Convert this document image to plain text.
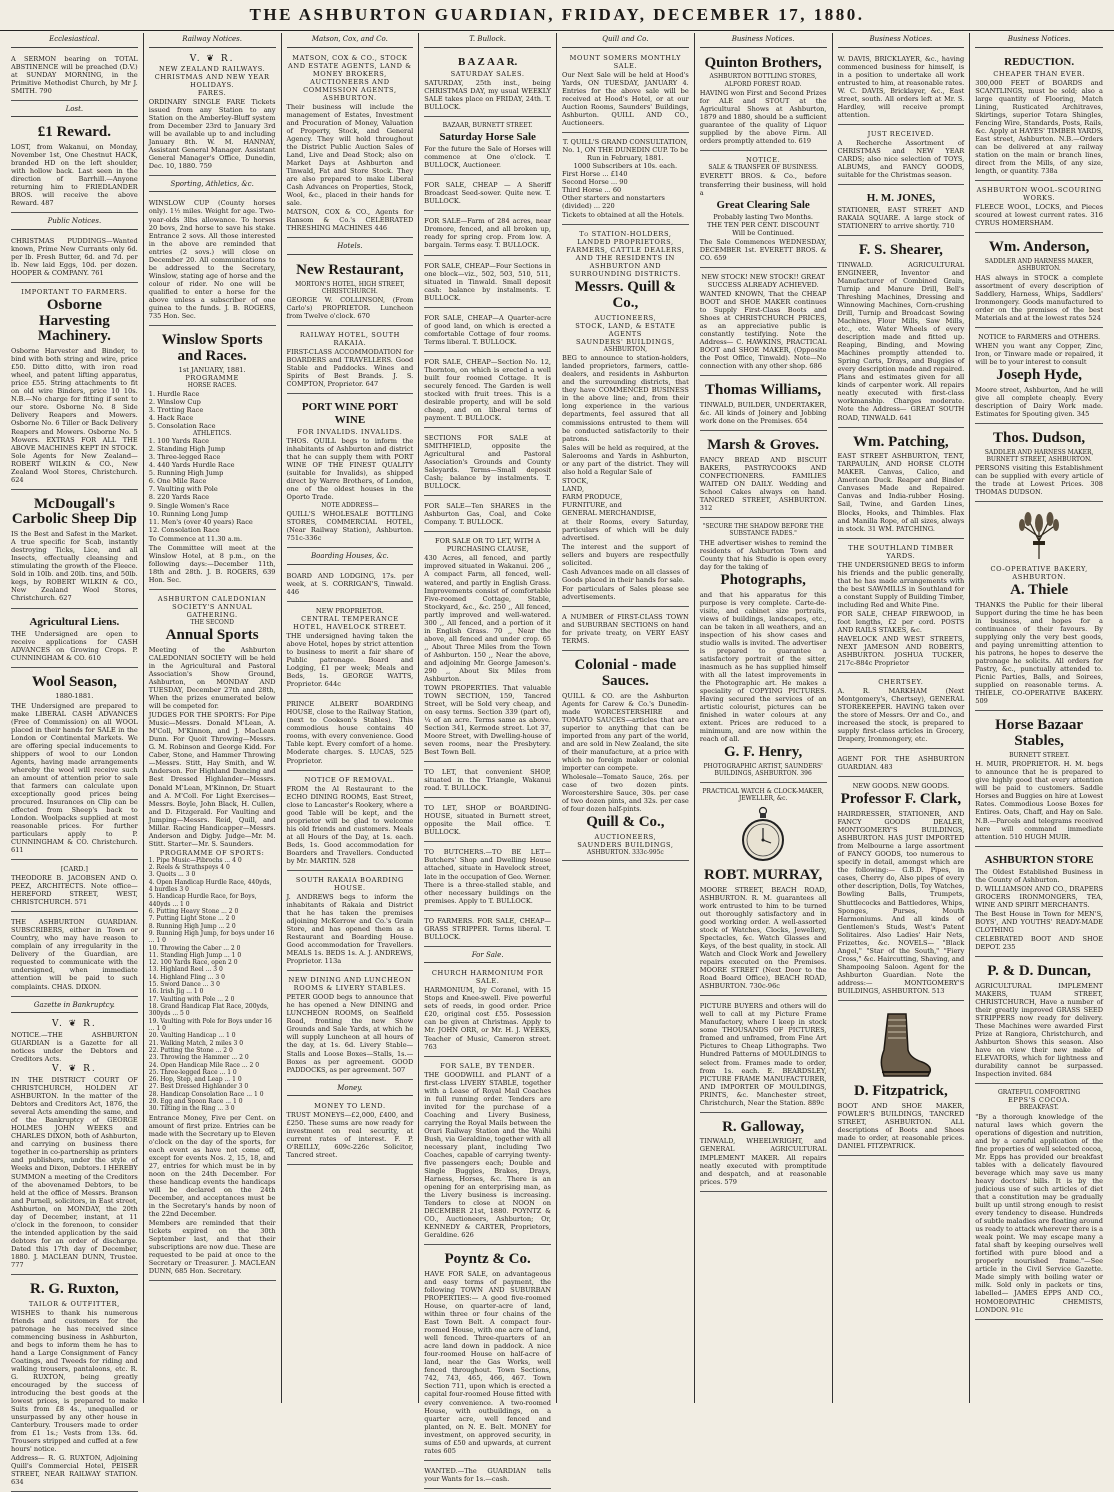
THE ASHBURTON GUARDIAN, FRIDAY, DECEMBER 17, 1880.
Ecclesiastical.

A SERMON bearing on TOTAL ABSTINENCE will be preached (D.V.) at SUNDAY MORNING, in the Primitive Methodist Church, by Mr J. SMITH. 790

Lost.
£1 Reward.

LOST, from Wakanui, on Monday, November 1st, One Chestnut HACK, branded HD on the left shoulder, with hollow back. Last seen in the direction of Barrhill.—Anyone returning him to FRIEDLANDER BROS. will receive the above Reward. 487

Public Notices.

CHRISTMAS PUDDINGS—Wanted known, Prime New Currants only 6d. per lb. Fresh Butter, 6d. and 7d. per lb. New laid Eggs, 10d. per dozen. HOOPER & COMPANY. 761

IMPORTANT TO FARMERS.
Osborne Harvesting Machinery.

Osborne Harvester and Binder, to bind with both string and wire, price £50. Ditto ditto, with iron road wheel, and patent lifting apparatus, price £55. String attachments to fit on old wire Binders, price 10 10s. N.B.—No charge for fitting if sent to our store. Osborne No. 8 Side Delivery Reapers and Mowers. Osborne No. 6 Tiller or Back Delivery Reapers and Mowers. Osborne No. 5 Mowers. EXTRAS FOR ALL THE ABOVE MACHINES KEPT IN STOCK. Sole Agents for New Zealand— ROBERT WILKIN & CO., New Zealand Wool Stores, Christchurch. 624

McDougall's Carbolic Sheep Dip

IS the Best and Safest in the Market. A true specific for Scab, instantly destroying Ticks, Lice, and all Insects, effectually cleansing and stimulating the growth of the Fleece. Sold in 10lb. and 20lb. tins, and 50lb. kegs, by ROBERT WILKIN & CO., New Zealand Wool Stores, Christchurch. 627

Agricultural Liens.

THE Undersigned are open to receive applications for CASH ADVANCES on Growing Crops. P. CUNNINGHAM & CO. 610

Wool Season,
1880-1881.

THE Undersigned are prepared to make LIBERAL CASH ADVANCES (Free of Commission) on all WOOL placed in their hands for SALE in the London or Continental Markets. We are offering special inducements to shippers of wool to our London Agents, having made arrangements whereby the wool will receive such an amount of attention prior to sale that farmers can calculate upon exceptionally good prices being procured. Insurances on Clip can be effected from Sheep's back to London. Woolpacks supplied at most reasonable prices. For further particulars apply to P. CUNNINGHAM & CO. Christchurch. 611

[CARD.]

THEODORE B. JACOBSEN AND O. PEEZ, ARCHITECTS. Note office— HEREFORD STREET, WEST, CHRISTCHURCH. 571

THE ASHBURTON GUARDIAN. SUBSCRIBERS, either in Town or Country, who may have reason to complain of any irregularity in the Delivery of the Guardian, are requested to communicate with the undersigned, when immediate attention will be paid to such complaints. CHAS. DIXON.

Gazette in Bankruptcy.
V. ❦ R.

NOTICE.—THE ASHBURTON GUARDIAN is a Gazette for all notices under the Debtors and Creditors Acts.

V. ❦ R.

IN THE DISTRICT COURT OF CHRISTCHURCH, HOLDEN AT ASHBURTON. In the matter of the Debtors and Creditors Act, 1876, the several Acts amending the same, and of the Bankruptcy of GEORGE HOLMES JOHN WEEKS and CHARLES DIXON, both of Ashburton, and carrying on business there together in co-partnership as printers and publishers, under the style of Weeks and Dixon, Debtors. I HEREBY SUMMON a meeting of the Creditors of the abovenamed Debtors, to be held at the office of Messrs. Branson and Purnell, solicitors, in East street, Ashburton, on MONDAY, the 20th day of December, instant, at 11 o'clock in the forenoon, to consider the intended application by the said debtors for an order of discharge. Dated this 17th day of December, 1880. J. MACLEAN DUNN, Trustee. 777

R. G. Ruxton,
TAILOR & OUTFITTER,

WISHES to thank his numerous friends and customers for the patronage he has received since commencing business in Ashburton, and begs to inform them he has to hand a Large Consignment of Fancy Coatings, and Tweeds for riding and walking trousers, pantaloons, etc. R. G. RUXTON, being greatly encouraged by the success of introducing the best goods at the lowest prices, is prepared to make Suits from £8 4s., unequalled or unsurpassed by any other house in Canterbury. Trousers made to order from £1 1s.; Vests from 13s. 6d. Trousers stripped and cuffed at a few hours' notice.

Address— R. G. RUXTON, Adjoining Quill's Commercial Hotel, PEISER STREET, NEAR RAILWAY STATION. 634

Railway Notices.
V. ❦ R.
NEW ZEALAND RAILWAYS.
CHRISTMAS AND NEW YEAR HOLIDAYS.
FARES.

ORDINARY SINGLE FARE Tickets issued from any Station to any Station on the Amberley-Bluff system from December 23rd to January 3rd will be available up to and including January 8th. W. M. HANNAY, Assistant General Manager. Assistant General Manager's Office, Dunedin, Dec. 10, 1880. 759

Sporting, Athletics, &c.

WINSLOW CUP (County horses only). 1½ miles. Weight for age. Two-year-olds 3lbs allowance. To horses 20 bovs, 2nd horse to save his stake. Entrance 2 sovs. All those interested in the above are reminded that entries (2 sovs.) will close on December 20. All communications to be addressed to the Secretary, Winslow, stating age of horse and the colour of rider. No one will be qualified to enter a horse for the above unless a subscriber of one guinea to the funds. J. B. ROGERS, 735 Hon. Sec.

Winslow Sports and Races.
1st JANUARY, 1881.
PROGRAMME
HORSE RACES.
1. Hurdle Race
2. Winslow Cup
3. Trotting Race
4. Hack Race
5. Consolation Race
ATHLETICS.
1. 100 Yards Race
2. Standing High Jump
3. Three-legged Race
4. 440 Yards Hurdle Race
5. Running High Jump
6. One Mile Race
7. Vaulting with Pole
8. 220 Yards Race
9. Single Women's Race
10. Running Long Jump
11. Men's (over 40 years) Race
12. Consolation Race

To Commence at 11.30 a.m.

The Committee will meet at the Winslow Hotel, at 8 p.m., on the following days:—December 11th, 18th and 28th. J. B. ROGERS, 639 Hon. Sec.

ASHBURTON CALEDONIAN SOCIETY'S ANNUAL GATHERING.
THE SECOND
Annual Sports

Meeting of the Ashburton CALEDONIAN SOCIETY will be held in the Agricultural and Pastoral Association's Show Ground, Ashburton, on MONDAY AND TUESDAY, December 27th and 28th, When the prizes enumerated below will be competed for.

JUDGES FOR THE SPORTS: For Pipe Music—Messrs. Donald M'Lean, A. M'Coll, M'Kinnon, and J. MacLean Dunn. For Quoit Throwing—Messrs. G. M. Robinson and George Kidd. For Caber, Stone, and Hammer Throwing—Messrs. Stitt, Hay Smith, and W. Anderson. For Highland Dancing and Best Dressed Highlander—Messrs. Donald M'Lean, M'Kinnon, Dr. Stuart and A. M'Coll. For Light Exercises—Messrs. Boyle, John Black, H. Cullen, and D. Fitzgerald. For Vaulting and Jumping—Messrs. Reid, Quill, and Millar. Racing Handicapper—Messrs. Anderson and Digby. Judge—Mr. M. Stitt. Starter—Mr. S. Saunders.

PROGRAMME OF SPORTS:
1. Pipe Music—Pibrochs ... 4 0
2. Reels & Strathspeys 4 0
3. Quoits ... 3 0
4. Open Handicap Hurdle Race, 440yds, 4 hurdles 3 0
5. Handicap Hurdle Race, for Boys, 440yds ... 1 0
6. Putting Heavy Stone ... 2 0
7. Putting Light Stone ... 2 0
8. Running High Jump ... 2 0
9. Running High Jump, for boys under 16 ... 1 0
10. Throwing the Caber ... 2 0
11. Standing High Jump ... 1 0
12. 100 Yards Race, open 2 0
13. Highland Reel ... 3 0
14. Highland Fling ... 3 0
15. Sword Dance ... 3 0
16. Irish Jig ... 1 0
17. Vaulting with Pole ... 2 0
18. Grand Handicap Flat Race, 200yds, 300yds ... 5 0
19. Vaulting with Pole for Boys under 16 ... 1 0
20. Vaulting Handicap ... 1 0
21. Walking Match, 2 miles 3 0
22. Putting the Stone ... 2 0
23. Throwing the Hammer ... 2 0
24. Open Handicap Mile Race ... 2 0
25. Three-legged Race ... 1 0
26. Hop, Step, and Leap ... 1 0
27. Best Dressed Highlander 3 0
28. Handicap Consolation Race ... 1 0
29. Egg and Spoon Race ... 1 0
30. Tilting in the Ring ... 3 0

Entrance Money, Five per Cent. on amount of first prize. Entries can be made with the Secretary up to Eleven o'clock on the day of the sports, for each event as have not come off, except for events Nos. 2, 15, 18, and 27, entries for which must be in by noon on the 24th December. For these handicap events the handicaps will be declared on the 24th December, and acceptances must be in the Secretary's hands by noon of the 22nd December.

Members are reminded that their tickets expired on the 30th September last, and that their subscriptions are now due. These are requested to be paid at once to the Secretary or Treasurer. J. MACLEAN DUNN, 685 Hon. Secretary.

Matson, Cox, and Co.
MATSON, COX & CO., STOCK AND ESTATE AGENTS, LAND & MONEY BROKERS, AUCTIONEERS AND COMMISSION AGENTS, ASHBURTON.

Their business will include the management of Estates, Investment and Procuration of Money, Valuation of Property, Stock, and General Agency. They will hold throughout the District Public Auction Sales of Land, Live and Dead Stock; also on Market Days at Ashburton and Tinwald, Fat and Store Stock. They are also prepared to make Liberal Cash Advances on Properties, Stock, Wool, &c., placed in their hands for sale.

MATSON, COX & CO., Agents for Ransom & Co.'s CELEBRATED THRESHING MACHINES 446

Hotels.
New Restaurant,
MORTON'S HOTEL, HIGH STREET, CHRISTCHURCH.

GEORGE W. COLLINSON, (From Carlo's) PROPRIETOR. Luncheon from Twelve o'clock. 670

RAILWAY HOTEL, SOUTH RAKAIA.

FIRST-CLASS ACCOMMODATION for BOARDERS and TRAVELLERS. Good Stable and Paddocks. Wines and Spirits of Best Brands. J. S. COMPTON, Proprietor. 647

PORT WINE PORT WINE
FOR INVALIDS. INVALIDS.

THOS. QUILL begs to inform the inhabitants of Ashburton and district that he can supply them with PORT WINE OF THE FINEST QUALITY (suitable for Invalids), as shipped direct by Warre Brothers, of London, one of the oldest houses in the Oporto Trade.

NOTE ADDRESS—

QUILL'S WHOLESALE BOTTLING STORES, COMMERCIAL HOTEL, (Near Railway Station), Ashburton. 751c-336c

Boarding Houses, &c.

BOARD AND LODGING, 17s. per week, at S. CORRIGAN'S, Tinwald. 446

NEW PROPRIETOR.
CENTRAL TEMPERANCE HOTEL, HAVELOCK STREET.

THE undersigned having taken the above Hotel, hopes by strict attention to business to merit a fair share of Public patronage. Board and Lodging, £1 per week; Meals and Beds, 1s. GEORGE WATTS, Proprietor. 644c

PRINCE ALBERT BOARDING HOUSE, close to the Railway Station, (next to Cookson's Stables). This commodious house contains 40 rooms, with every convenience. Good Table kept. Every comfort of a home. Moderate charges. S. LUCAS, 525 Proprietor.

NOTICE OF REMOVAL.

FROM the Al Restaurant to the ECHO DINING ROOMS, East Street, close to Lancaster's Rookery, where a good Table will be kept, and the proprietor will be glad to welcome his old friends and customers. Meals at all Hours of the Day, at 1s. each. Beds, 1s. Good accommodation for Boarders and Travellers. Conducted by Mr. MARTIN. 528

SOUTH RAKAIA BOARDING HOUSE.

J. ANDREWS begs to inform the inhabitants of Rakaia and District that he has taken the premises adjoining McKerrow and Co.'s Grain Store, and has opened them as a Restaurant and Boarding House. Good accommodation for Travellers. MEALS 1s. BEDS 1s. A. J. ANDREWS, Proprietor. 113a

NEW DINING AND LUNCHEON ROOMS & LIVERY STABLES.

PETER GOOD begs to announce that he has opened a New DINING and LUNCHEON ROOMS, on Sealfield Road, fronting the new Show Grounds and Sale Yards, at which he will supply Luncheon at all hours of the day, at 1s. 6d. Livery Stable—Stalls and Loose Boxes—Stalls, 1s.—Boxes as per agreement. GOOD PADDOCKS, as per agreement. 507

Money.
MONEY TO LEND.

TRUST MONEYS—£2,000, £400, and £250. These sums are now ready for investment on real security, at current rates of interest. F. P. O'REILLY, 609c-226c Solicitor, Tancred street.

T. Bullock.
B A Z A A R.
SATURDAY SALES.

SATURDAY, 25th inst., being CHRISTMAS DAY, my usual WEEKLY SALE takes place on FRIDAY, 24th. T. BULLOCK.

BAZAAR, BURNETT STREET.
Saturday Horse Sale

For the future the Sale of Horses will commence at One o'clock. T. BULLOCK, Auctioneer.

FOR SALE, CHEAP — A Sheriff Broadcast Seed-sower. Quite new. T. BULLOCK.

FOR SALE—Farm of 284 acres, near Dromore, fenced, and all broken up, ready for spring crop. From low. A bargain. Terms easy. T. BULLOCK.

FOR SALE, CHEAP—Four Sections in one block—viz., 502, 503, 510, 511, situated in Tinwald. Small deposit cash: balance by instalments. T. BULLOCK.

FOR SALE, CHEAP—A Quarter-acre of good land, on which is erected a comfortable Cottage of four rooms. Terms liberal. T. BULLOCK.

FOR SALE, CHEAP—Section No. 12, Thornton, on which is erected a well built four roomed Cottage. It is securely fenced. The Garden is well stocked with fruit trees. This is a desirable property, and will be sold cheap, and on liberal terms of payment. T. BULLOCK.

SECTIONS FOR SALE at SMITHFIELD, opposite the Agricultural and Pastoral Association's Grounds and County Saleyards. Terms—Small deposit Cash; balance by instalments. T. BULLOCK.

FOR SALE—Ten SHARES in the Ashburton Gas, Coal, and Coke Company. T. BULLOCK.

FOR SALE OR TO LET, WITH A PURCHASING CLAUSE,

430 Acres, all fenced, and partly improved situated in Wakanui. 206 ,, A compact Farm, all fenced, well-watered, and partly in English Grass. Improvements consist of comfortable Five-roomed Cottage, Stable, Stockyard, &c., &c. 250 ,, All fenced, partly improved and well-watered. 300 ,, All fenced, and a portion of it in English Grass. 70 ,, Near the above, all fenced and under crop. 65 ,, About Three Miles from the Town of Ashburton. 150 ,, Near the above, and adjoining Mr. George Jameson's. 290 ,, About Six Miles from Ashburton.

TOWN PROPERTIES. That valuable TOWN SECTION, 159, Tancred Street, will be Sold very cheap, and on easy terms. Section 339 (part of), ¼ of an acre. Terms same as above. Section 341, Kermode street. Lot 37, Moore Street, with Dwelling-house of seven rooms, near the Presbytery. Best Town Bell.

TO LET, that convenient SHOP, situated in the Triangle, Wakanui road. T. BULLOCK.

TO LET, SHOP or BOARDING-HOUSE, situated in Burnett street, opposite the Mail office. T. BULLOCK.

TO BUTCHERS.—TO BE LET—Butchers' Shop and Dwelling House attached, situate in Havelock street, late in the occupation of Geo. Werner. There is a three-stalled stable, and other necessary buildings on the premises. Apply to T. BULLOCK.

TO FARMERS. FOR SALE, CHEAP—GRASS STRIPPER. Terms liberal. T. BULLOCK.

For Sale.
CHURCH HARMONIUM FOR SALE.

HARMONIUM, by Coranel, with 15 Stops and Knee-swell. Five powerful sets of reeds, in good order. Price £20, original cost £55. Possession can be given at Christmas. Apply to Mr. JOHN ORR, or Mr. H. J. WEEKS, Teacher of Music, Cameron street. 763

FOR SALE, BY TENDER.

THE GOODWILL and PLANT of a first-class LIVERY STABLE, together with a Lease of Royal Mail Coaches in full running order. Tenders are invited for the purchase of a Coaching and Livery Business, carrying the Royal Mails between the Orari Railway Station and the Waihi Bush, via Geraldine, together with all necessary plant, including Two Coaches, capable of carrying twenty-five passengers each; Double and Single Buggies, Brakes, Drays, Harness, Horses, &c. There is an opening for an enterprising man, as the Livery business is increasing. Tenders to close at NOON on DECEMBER 21st, 1880. POYNTZ & CO., Auctioneers, Ashburton; Or, KENNEDY & CARTER, Proprietors, Geraldine. 626

Poyntz & Co.

HAVE FOR SALE, on advantageous and easy terms of payment, the following TOWN AND SUBURBAN PROPERTIES:— A good five-roomed House, on quarter-acre of land, within three or four chains of the East Town Belt. A compact four-roomed House, with one acre of land, well fenced. Three-quarters of an acre land down in paddock. A nice four-roomed House on half-acre of land, near the Gas Works, well fenced throughout. Town Sections, 742, 743, 465, 466, 467. Town Section 711, upon which is erected a capital four-roomed House fitted with every convenience. A two-roomed House, with outbuildings, on a quarter acre, well fenced and planted, on N. E. Belt. MONEY for investment, on approved security, in sums of £50 and upwards, at current rates 605

WANTED.—The GUARDIAN tells your Wants for 1s.—cash.

Quill and Co.
MOUNT SOMERS MONTHLY SALE.

Our Next Sale will be held at Hood's Yards, ON TUESDAY, JANUARY 4. Entries for the above sale will be received at Hood's Hotel, or at our Auction Rooms, Saunders' Buildings, Ashburton. QUILL AND CO., Auctioneers.

T. QUILL'S GRAND CONSULTATION, No. 1, ON THE DUNEDIN CUP. To be Run in February, 1881.
1000 Subscribers at 10s. each.
First Horse ... £140
Second Horse ... 90
Third Horse ... 60
Other starters and nonstarters (divided) ... 220

Tickets to obtained at all the Hotels.

To STATION-HOLDERS, LANDED PROPRIETORS, FARMERS, CATTLE DEALERS, AND THE RESIDENTS IN ASHBURTON AND SURROUNDING DISTRICTS.
Messrs. Quill & Co.,
AUCTIONEERS,
STOCK, LAND, & ESTATE AGENTS
SAUNDERS' BUILDINGS,
ASHBURTON,

BEG to announce to station-holders, landed proprietors, farmers, cattle-dealers, and residents in Ashburton and the surrounding districts, that they have COMMENCED BUSINESS in the above line; and, from their long experience in the various departments, feel assured that all commissions entrusted to them will be conducted satisfactorily to their patrons.

Sales will be held as required, at the Salerooms and Yards in Ashburton, or any part of the district. They will also hold a Regular Sale of

STOCK,
LAND,
FARM PRODUCE,
FURNITURE, and
GENERAL MERCHANDISE,

at their Rooms, every Saturday, particulars of which will be duly advertised.

The interest and the support of sellers and buyers are respectfully solicited.

Cash Advances made on all classes of Goods placed in their hands for sale.

For particulars of Sales please see advertisements.

A NUMBER of FIRST-CLASS TOWN and SUBURBAN SECTIONS on hand for private treaty, on VERY EASY TERMS.

Colonial - made Sauces.

QUILL & CO. are the Ashburton Agents for Carew & Co.'s Dunedin-made WORCESTERSHIRE and TOMATO SAUCES—articles that are superior to anything that can be imported from any part of the world, and are sold in New Zealand, the site of their manufacture, at a price with which no foreign maker or colonial importer can compete.

Wholesale—Tomato Sauce, 26s. per case of two dozen pints. Worcestershire Sauce, 30s. per case of two dozen pints, and 32s. per case of four dozen half-pints.

Quill & Co.,
AUCTIONEERS,
SAUNDERS BUILDINGS,
ASHBURTON. 333c-995c
Business Notices.
Quinton Brothers,
ASHBURTON BOTTLING STORES, ALFORD FOREST ROAD.

HAVING won First and Second Prizes for ALE and STOUT at the Agricultural Shows at Ashburton, 1879 and 1880, should be a sufficient guarantee of the quality of Liquor supplied by the above Firm. All orders promptly attended to. 619

NOTICE.
SALE & TRANSFER OF BUSINESS.

EVERETT BROS. & Co., before transferring their business, will hold a

Great Clearing Sale
Probably lasting Two Months.
THE TEN PER CENT. DISCOUNT Will be Continued.

The Sale Commences WEDNESDAY, DECEMBER 1st. EVERETT BROS. & CO. 659

NEW STOCK! NEW STOCK!! GREAT SUCCESS ALREADY ACHIEVED.

WANTED KNOWN, That the CHEAP BOOT and SHOE MAKER continues to Supply First-Class Boots and Shoes at CHRISTCHURCH PRICES, as an appreciative public is constantly testifying. Note the Address— C. HAWKINS, PRACTICAL BOOT and SHOE MAKER, (Opposite the Post Office, Tinwald). Note—No connection with any other shop. 686

Thomas Williams,

TINWALD, BUILDER, UNDERTAKER, &c. All kinds of Joinery and Jobbing work done on the Premises. 654

Marsh & Groves.

FANCY BREAD AND BISCUIT BAKERS, PASTRYCOOKS AND CONFECTIONERS. FAMILIES WAITED ON DAILY. Wedding and School Cakes always on hand. TANCRED STREET, ASHBURTON. 312

"SECURE THE SHADOW BEFORE THE SUBSTANCE FADES."

THE advertiser wishes to remind the residents of Ashburton Town and County that his Studio is open every day for the taking of

Photographs,

and that his apparatus for this purpose is very complete. Carte-de-visite, and cabinet size portraits, views of buildings, landscapes, etc., can be taken in all weathers, and an inspection of his show cases and studio walls is invited. The advertiser is prepared to guarantee a satisfactory portrait of the sitter, inasmuch as he has supplied himself with all the latest improvements in the Photographic art. He makes a speciality of COPYING PICTURES. Having secured the services of an artistic colourist, pictures can be finished in water colours at any extent. Prices are reduced to a minimum, and are now within the reach of all.

G. F. Henry,
PHOTOGRAPHIC ARTIST, SAUNDERS' BUILDINGS, ASHBURTON. 396
PRACTICAL WATCH & CLOCK-MAKER, JEWELLER, &c.
ROBT. MURRAY,

MOORE STREET, BEACH ROAD, ASHBURTON. R. M. guarantees all work entrusted to him to be turned out thoroughly satisfactory and in good working order. A well-assorted stock of Watches, Clocks, Jewellery, Spectacles, &c. Watch Glasses and Keys, of the best quality, in stock. All Watch and Clock Work and Jewellery repairs executed on the Premises. MOORE STREET (Next Door to the Road Board Office), BEACH ROAD, ASHBURTON. 730c-96c

PICTURE BUYERS and others will do well to call at my Picture Frame Manufactory, where I keep in stock some THOUSANDS OF PICTURES, framed and unframed, from Fine Art Pictures to Cheap Lithographs. Two Hundred Patterns of MOULDINGS to select from. Frames made to order, from 1s. each. E. BEARDSLEY, PICTURE FRAME MANUFACTURER, AND IMPORTER OF MOULDINGS, PRINTS, &c. Manchester street, Christchurch, Near the Station. 889c

R. Galloway,

TINWALD, WHEELWRIGHT, and GENERAL AGRICULTURAL IMPLEMENT MAKER. All repairs neatly executed with promptitude and despatch, and at reasonable prices. 579

Business Notices.

W. DAVIS, BRICKLAYER, &c., having commenced business for himself, is in a position to undertake all work entrusted to him, at reasonable rates. W. C. DAVIS, Bricklayer, &c., East street, south. All orders left at Mr. S. Hardley, will receive prompt attention.

JUST RECEIVED.

A Recherche Assortment of CHRISTMAS and NEW YEAR CARDS; also nice selection of TOYS, ALBUMS, and FANCY GOODS, suitable for the Christmas season.

H. M. JONES,

STATIONER, EAST STREET AND RAKAIA SQUARE. A large stock of STATIONERY to arrive shortly. 710

F. S. Shearer,

TINWALD. AGRICULTURAL ENGINEER, Inventor and Manufacturer of Combined Grain, Turnip and Manure Drill, Bell's Threshing Machines, Dressing and Winnowing Machines, Corn-crushing Drill, Turnip and Broadcast Sowing Machines, Flour Mills, Saw Mills, etc., etc. Water Wheels of every description made and fitted up. Reaping, Binding, and Mowing Machines promptly attended to. Spring Carts, Drays, and Buggies of every description made and repaired. Plans and estimates given for all kinds of carpenter work. All repairs neatly executed with first-class workmanship. Charges moderate. Note the Address— GREAT SOUTH ROAD, TINWALD. 641

Wm. Patching,

EAST STREET ASHBURTON, TENT, TARPAULIN, AND HORSE CLOTH MAKER. Canvas, Calico, and American Duck. Reaper and Binder Canvases Made and Repaired. Canvas and India-rubber Hosing. Sail, Twine, and Garden Lines, Blocks, Hooks, and Thimbles. Flax and Manilla Rope, of all sizes, always in stock. 31 WM. PATCHING.

THE SOUTHLAND TIMBER YARDS.

THE UNDERSIGNED BEGS to inform his friends and the public generally, that he has made arrangements with the best SAWMILLS in Southland for a constant Supply of Building Timber, including Red and White Pine.

FOR SALE, CHEAP FIREWOOD, in foot lengths, £2 per cord. POSTS AND RAILS STAKES, &c.

HAVELOCK AND WEST STREETS, NEXT JAMESON AND ROBERTS, ASHBURTON. JOSHUA TUCKER, 217c-884c Proprietor

CHERTSEY.

A. R. MARKHAM (Next Montgomery's, Chertsey), GENERAL STOREKEEPER. HAVING taken over the store of Messrs. Orr and Co., and increased the stock, is prepared to supply first-class articles in Grocery, Drapery, Ironmongery, etc.

AGENT FOR THE ASHBURTON GUARDIAN. 483

NEW GOODS. NEW GOODS.
Professor F. Clark,

HAIRDRESSER, STATIONER, AND FANCY GOODS DEALER, MONTGOMERY'S BUILDINGS, ASHBURTON. HAS JUST IMPORTED from Melbourne a large assortment of FANCY GOODS, too numerous to specify in detail, amongst which are the following:— G.B.D. Pipes, in cases, Cherry do, Also pipes of every other description, Dolls, Toy Watches, Bowling Balls, Trumpets, Shuttlecocks and Battledores, Whips, Sponges, Purses, Mouth Harmoniums. And all kinds of Gentlemen's Studs, West's Patent Solitaires. Also Ladies' Hair Nets, Frizettes, &c. NOVELS— "Black Angel," "Star of the South," "Fiery Cross," &c. Haircutting, Shaving, and Shampooing Saloon. Agent for the Ashburton Guardian. Note the address:— MONTGOMERY'S BUILDINGS, ASHBURTON. 513

D. Fitzpatrick,

BOOT AND SHOE MAKER, FOWLER'S BUILDINGS, TANCRED STREET, ASHBURTON. ALL descriptions of Boots and Shoes made to order, at reasonable prices. DANIEL FITZPATRICK.

Business Notices.
REDUCTION.
CHEAPER THAN EVER.

300,000 FEET of BOARDS and SCANTLINGS, must be sold; also a large quantity of Flooring, Match Lining, Rusticated Architraves, Skirtings, superior Totara Shingles, Fencing Wire, Standards, Posts, Rails, &c. Apply at HAYES' TIMBER YARDS, East street, Ashburton. N.B.—Orders can be delivered at any railway station on the main or branch lines, direct from the Mills, of any size, length, or quantity. 738a

ASHBURTON WOOL-SCOURING WORKS.

FLEECE WOOL, LOCKS, and Pieces scoured at lowest current rates. 316 CYRUS HOMERSHAM.

Wm. Anderson,
SADDLER AND HARNESS MAKER, ASHBURTON.

HAS always in STOCK a complete assortment of every description of Saddlery, Harness, Whips, Saddlers' Ironmongery. Goods manufactured to order on the premises of the best Materials and at the lowest rates 524

NOTICE to FARMERS and OTHERS.

WHEN you want any Copper, Zinc, Iron, or Tinware made or repaired, it will be to your interest to consult

Joseph Hyde,

Moore street, Ashburton, And he will give all complete cheaply. Every description of Dairy Work made. Estimates for Spouting given. 345

Thos. Dudson,
SADDLER AND HARNESS MAKER, BURNETT STREET, ASHBURTON.

PERSONS visiting this Establishment can be supplied with every article of the trade at Lowest Prices. 308 THOMAS DUDSON.

CO-OPERATIVE BAKERY, ASHBURTON.
A. Thiele

THANKS the Public for their liberal Support during the time he has been in business, and hopes for a continuance of their favours. By supplying only the very best goods, and paying unremitting attention to his patrons, he hopes to deserve the patronage he solicits. All orders for Pastry, &c., punctually attended to. Picnic Parties, Balls, and Soirees, supplied on reasonable terms. A. THIELE, CO-OPERATIVE BAKERY. 509

Horse Bazaar Stables,
BURNETT STREET.

H. MUIR, PROPRIETOR. H. M. begs to announce that he is prepared to give highly good that every attention will be paid to customers. Saddle Horses and Buggies on hire at Lowest Rates. Commodious Loose Boxes for Entires. Oats, Chaff, and Hay on Sale. N.B.—Parcels and telegrams received here will command immediate attention. 510 HUGH MUIR.

ASHBURTON STORE

The Oldest Established Business in the County of Ashburton.

D. WILLIAMSON AND CO., DRAPERS GROCERS IRONMONGERS, TEA, WINE AND SPIRIT MERCHANTS.

The Best House in Town for MEN'S, BOYS', AND YOUTHS' READY-MADE CLOTHING

CELEBRATED BOOT AND SHOE DEPOT. 235

P. & D. Duncan,

AGRICULTURAL IMPLEMENT MAKERS, TUAM STREET, CHRISTCHURCH, Have a number of their greatly improved GRASS SEED STRIPPERS now ready for delivery. These Machines were awarded First Prize at Rangiora, Christchurch, and Ashburton Shows this season. Also have on view their new make of ELEVATORS, which for lightness and durability cannot be surpassed. Inspection invited. 684

GRATEFUL COMFORTING
EPPS'S COCOA.
BREAKFAST.

"By a thorough knowledge of the natural laws which govern the operations of digestion and nutrition, and by a careful application of the fine properties of well selected cocoa, Mr. Epps has provided our breakfast tables with a delicately flavoured beverage which may save us many heavy doctors' bills. It is by the judicious use of such articles of diet that a constitution may be gradually built up until strong enough to resist every tendency to disease. Hundreds of subtle maladies are floating around us ready to attack wherever there is a weak point. We may escape many a fatal shaft by keeping ourselves well fortified with pure blood and a properly nourished frame."—See article in the Civil Service Gazette. Made simply with boiling water or milk. Sold only in packets or tins, labelled— JAMES EPPS AND CO., HOMOEOPATHIC CHEMISTS, LONDON. 91c
